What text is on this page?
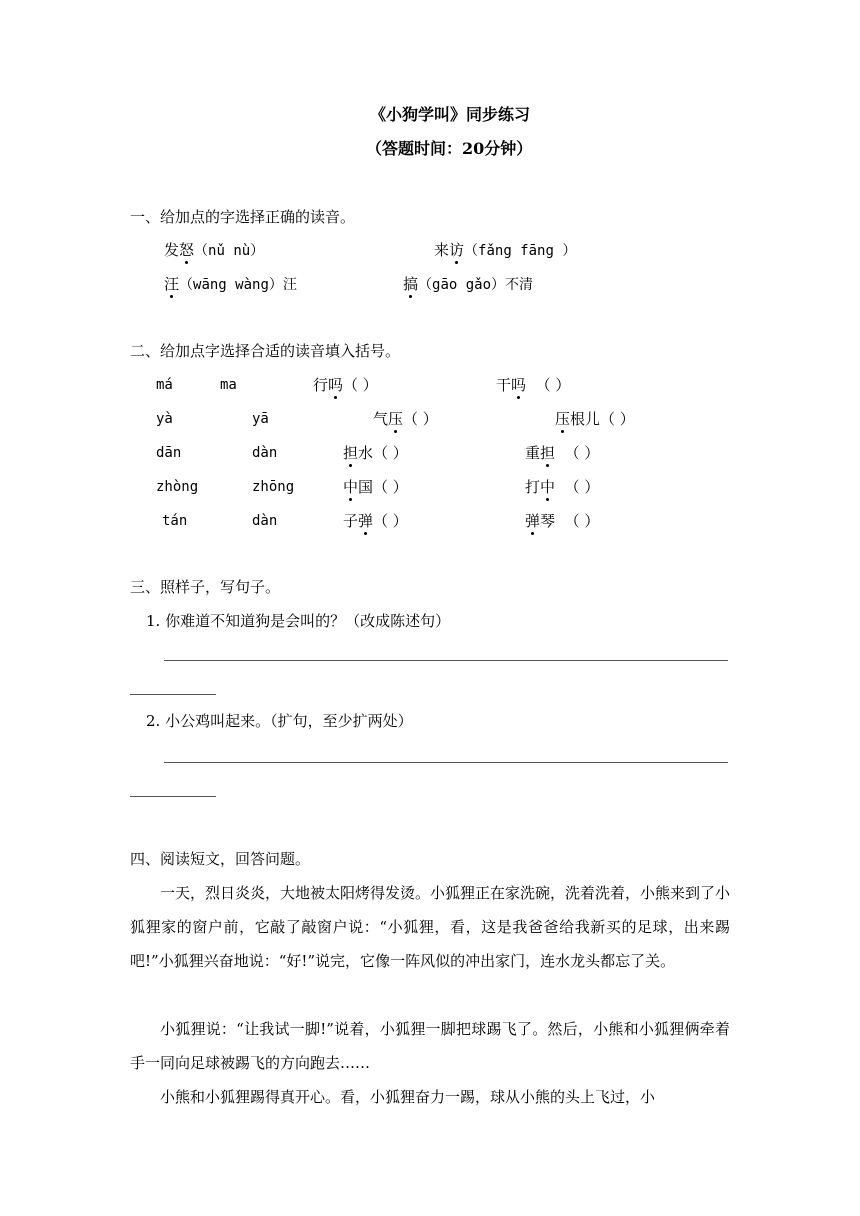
《小狗学叫》同步练习
（答题时间：20分钟）
一、给加点的字选择正确的读音。
发怒（nǔ nù）	来访（fǎng fāng ）
汪（wāng wàng）汪	搞（gāo gǎo）不清
二、给加点字选择合适的读音填入括号。
má	ma	行吗（ ）	干吗 （ ）
yà	yā	气压（ ）	压根儿（ ）
dān	dàn	担水（ ）	重担 （ ）
zhòng	zhōng	中国（ ）	打中 （ ）
tán	dàn	子弹（ ）	弹琴 （ ）
三、照样子，写句子。
1. 你难道不知道狗是会叫的？（改成陈述句）
2. 小公鸡叫起来。（扩句，至少扩两处）
四、阅读短文，回答问题。

一天，烈日炎炎，大地被太阳烤得发烫。小狐狸正在家洗碗，洗着洗着，小熊来到了小狐狸家的窗户前，它敲了敲窗户说：“小狐狸，看，这是我爸爸给我新买的足球，出来踢吧!”小狐狸兴奋地说：“好!”说完，它像一阵风似的冲出家门，连水龙头都忘了关。

小狐狸说：“让我试一脚!”说着，小狐狸一脚把球踢飞了。然后，小熊和小狐狸俩牵着手一同向足球被踢飞的方向跑去……

小熊和小狐狸踢得真开心。看，小狐狸奋力一踢，球从小熊的头上飞过，小
